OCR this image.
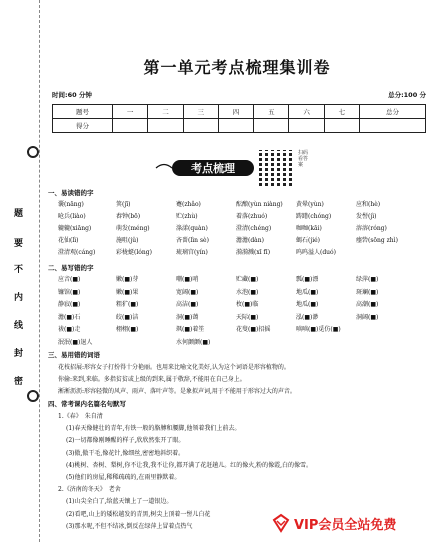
题
要
不
内
线
封
密
第一单元考点梳理集训卷
时间:60 分钟	总分:100 分
题号	一	二	三	四	五	六	七	总分
得分								
考点梳理
扫码看答案
一、易读错的字
囊(nāng)	箕(jī)	蹇(zhǎo)	酝酿(yùn niàng) 黄晕(yùn)	应和(hè)
呛兵(liào)	舂钟(bō)	贮(zhù)	着落(zhuó)	踌躇(chóng)	发髻(jì)
辘辘(xiāng)	萌发(méng)	涤漾(quàn)	澄清(chéng)	咖咖(kāi)	溶溶(róng)
花仙(lì)	施咀(jǔ)	吝嗇(lìn sè)	澹澹(dàn)	蝎石(jié)	瘗砦(sōng zhì)
澄清观(cáng)	彩栊蜓(lóng)	琉璃宫(yín)	漪漪溅(xī fī)	呜呜溢人(duó)
二、易写错的字
应音(■)	嫩(■)芽	嘲(■)哨	贮藏(■)	瓢(■)漂	绿萍(■)
镰馆(■)	嫩(■)果	宽阔(■)	水泡(■)	地瓜(■)	斑斓(■)
静寂(■)	粗犷(■)	高洁(■)	枚(■)临	地瓜(■)	高潮(■)
澹(■)石	皎(■)洁	洞(■)蔼	天际(■)	泓(■)渺	洞阔(■)
祓(■)走	栩栩(■)	飒(■)着笙	花叟(■)招摇	嗔嗔(■)觅仿(■)
泯泯(■)退人	水何颤颤(■)
三、易用错的词语
花枝招展:形容女子打扮得十分艳丽。也用来比喻文化美好,认为这个词语是形容植物的。
你偷:来到,来临。多指贫贫或上级的到来,属于敬辞,不能用在自己身上。
淅淅沥沥:形容轻微的风声、雨声、落叶声等。是象拟声词,用于不能用于形容过大的声音。
四、常考课内名篇名句默写
1.《春》　朱自清
(1)春天像健壮的青年,有铁一般的胳膊和腰脚,他领着我们上前去。
(2)一切都像刚睡醒的样子,欣欣然张开了眼。
(3)傲,傲干毛,像花针,像细丝,密密地斜织着。
(4)桃树、杏树、梨树,你不让我,我不让你,都开满了花赶趟儿。红的像火,粉的像霞,白的像雪。
(5)他们的房屋,稀稀疏疏的,在雨里静默着。
2.《济南的冬天》　老舍
(1)山尖全白了,给蓝天镶上了一道银边。
(2)看吧,山上的矮松越发的青黑,树尖上顶着一髻儿白花
(3)那水呢,不但不结冰,倒反在绿萍上冒着点热气	VIP会员全站免费
